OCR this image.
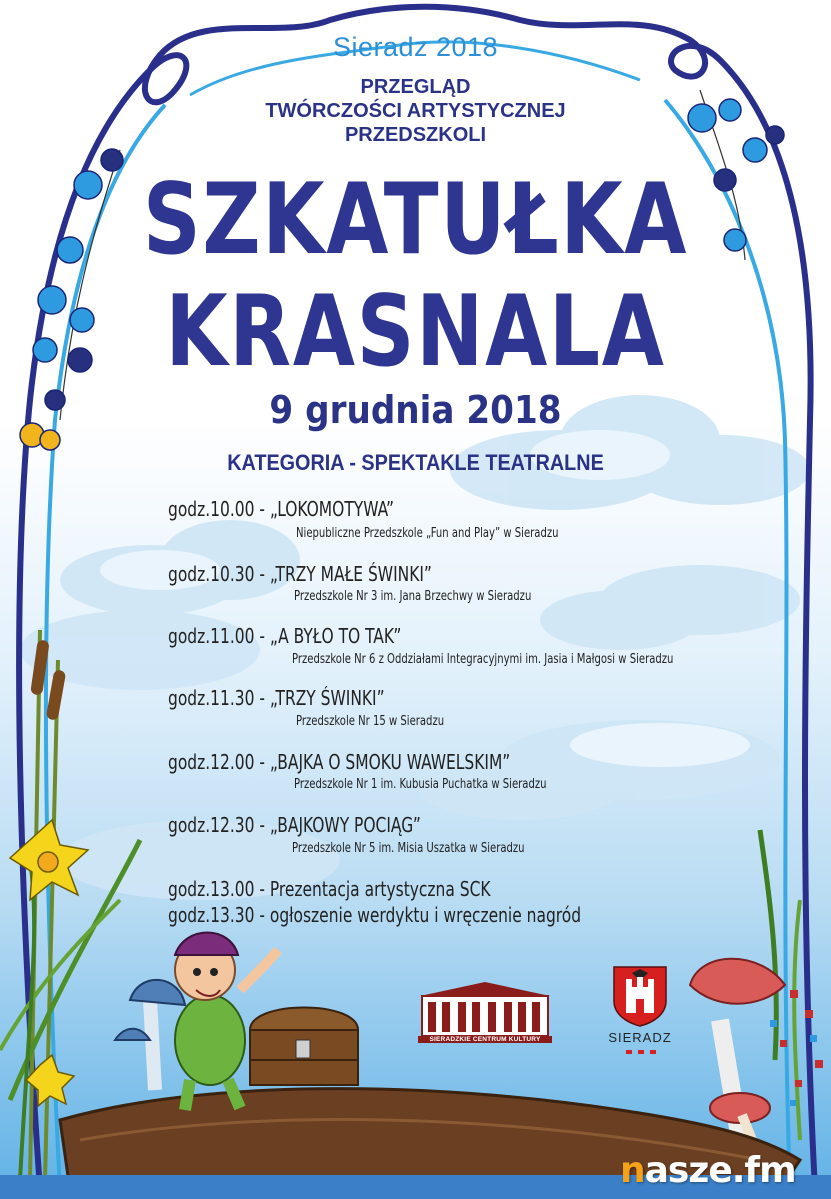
Sieradz 2018
PRZEGLĄD
TWÓRCZOŚCI ARTYSTYCZNEJ
PRZEDSZKOLI
SZKATUŁKA
KRASNALA
9 grudnia 2018
KATEGORIA - SPEKTAKLE TEATRALNE
godz.10.00 - „LOKOMOTYWA”
Niepubliczne Przedszkole „Fun and Play” w Sieradzu
godz.10.30 - „TRZY MAŁE ŚWINKI”
Przedszkole Nr 3 im. Jana Brzechwy w Sieradzu
godz.11.00 - „A BYŁO TO TAK”
Przedszkole Nr 6 z Oddziałami Integracyjnymi im. Jasia i Małgosi w Sieradzu
godz.11.30 - „TRZY ŚWINKI”
Przedszkole Nr 15 w Sieradzu
godz.12.00 - „BAJKA O SMOKU WAWELSKIM”
Przedszkole Nr 1 im. Kubusia Puchatka w Sieradzu
godz.12.30 - „BAJKOWY POCIĄG”
Przedszkole Nr 5 im. Misia Uszatka w Sieradzu
godz.13.00 - Prezentacja artystyczna SCK
godz.13.30 - ogłoszenie werdyktu i wręczenie nagród
SIERADZKIE CENTRUM KULTURY	SIERADZ
nasze.fm
